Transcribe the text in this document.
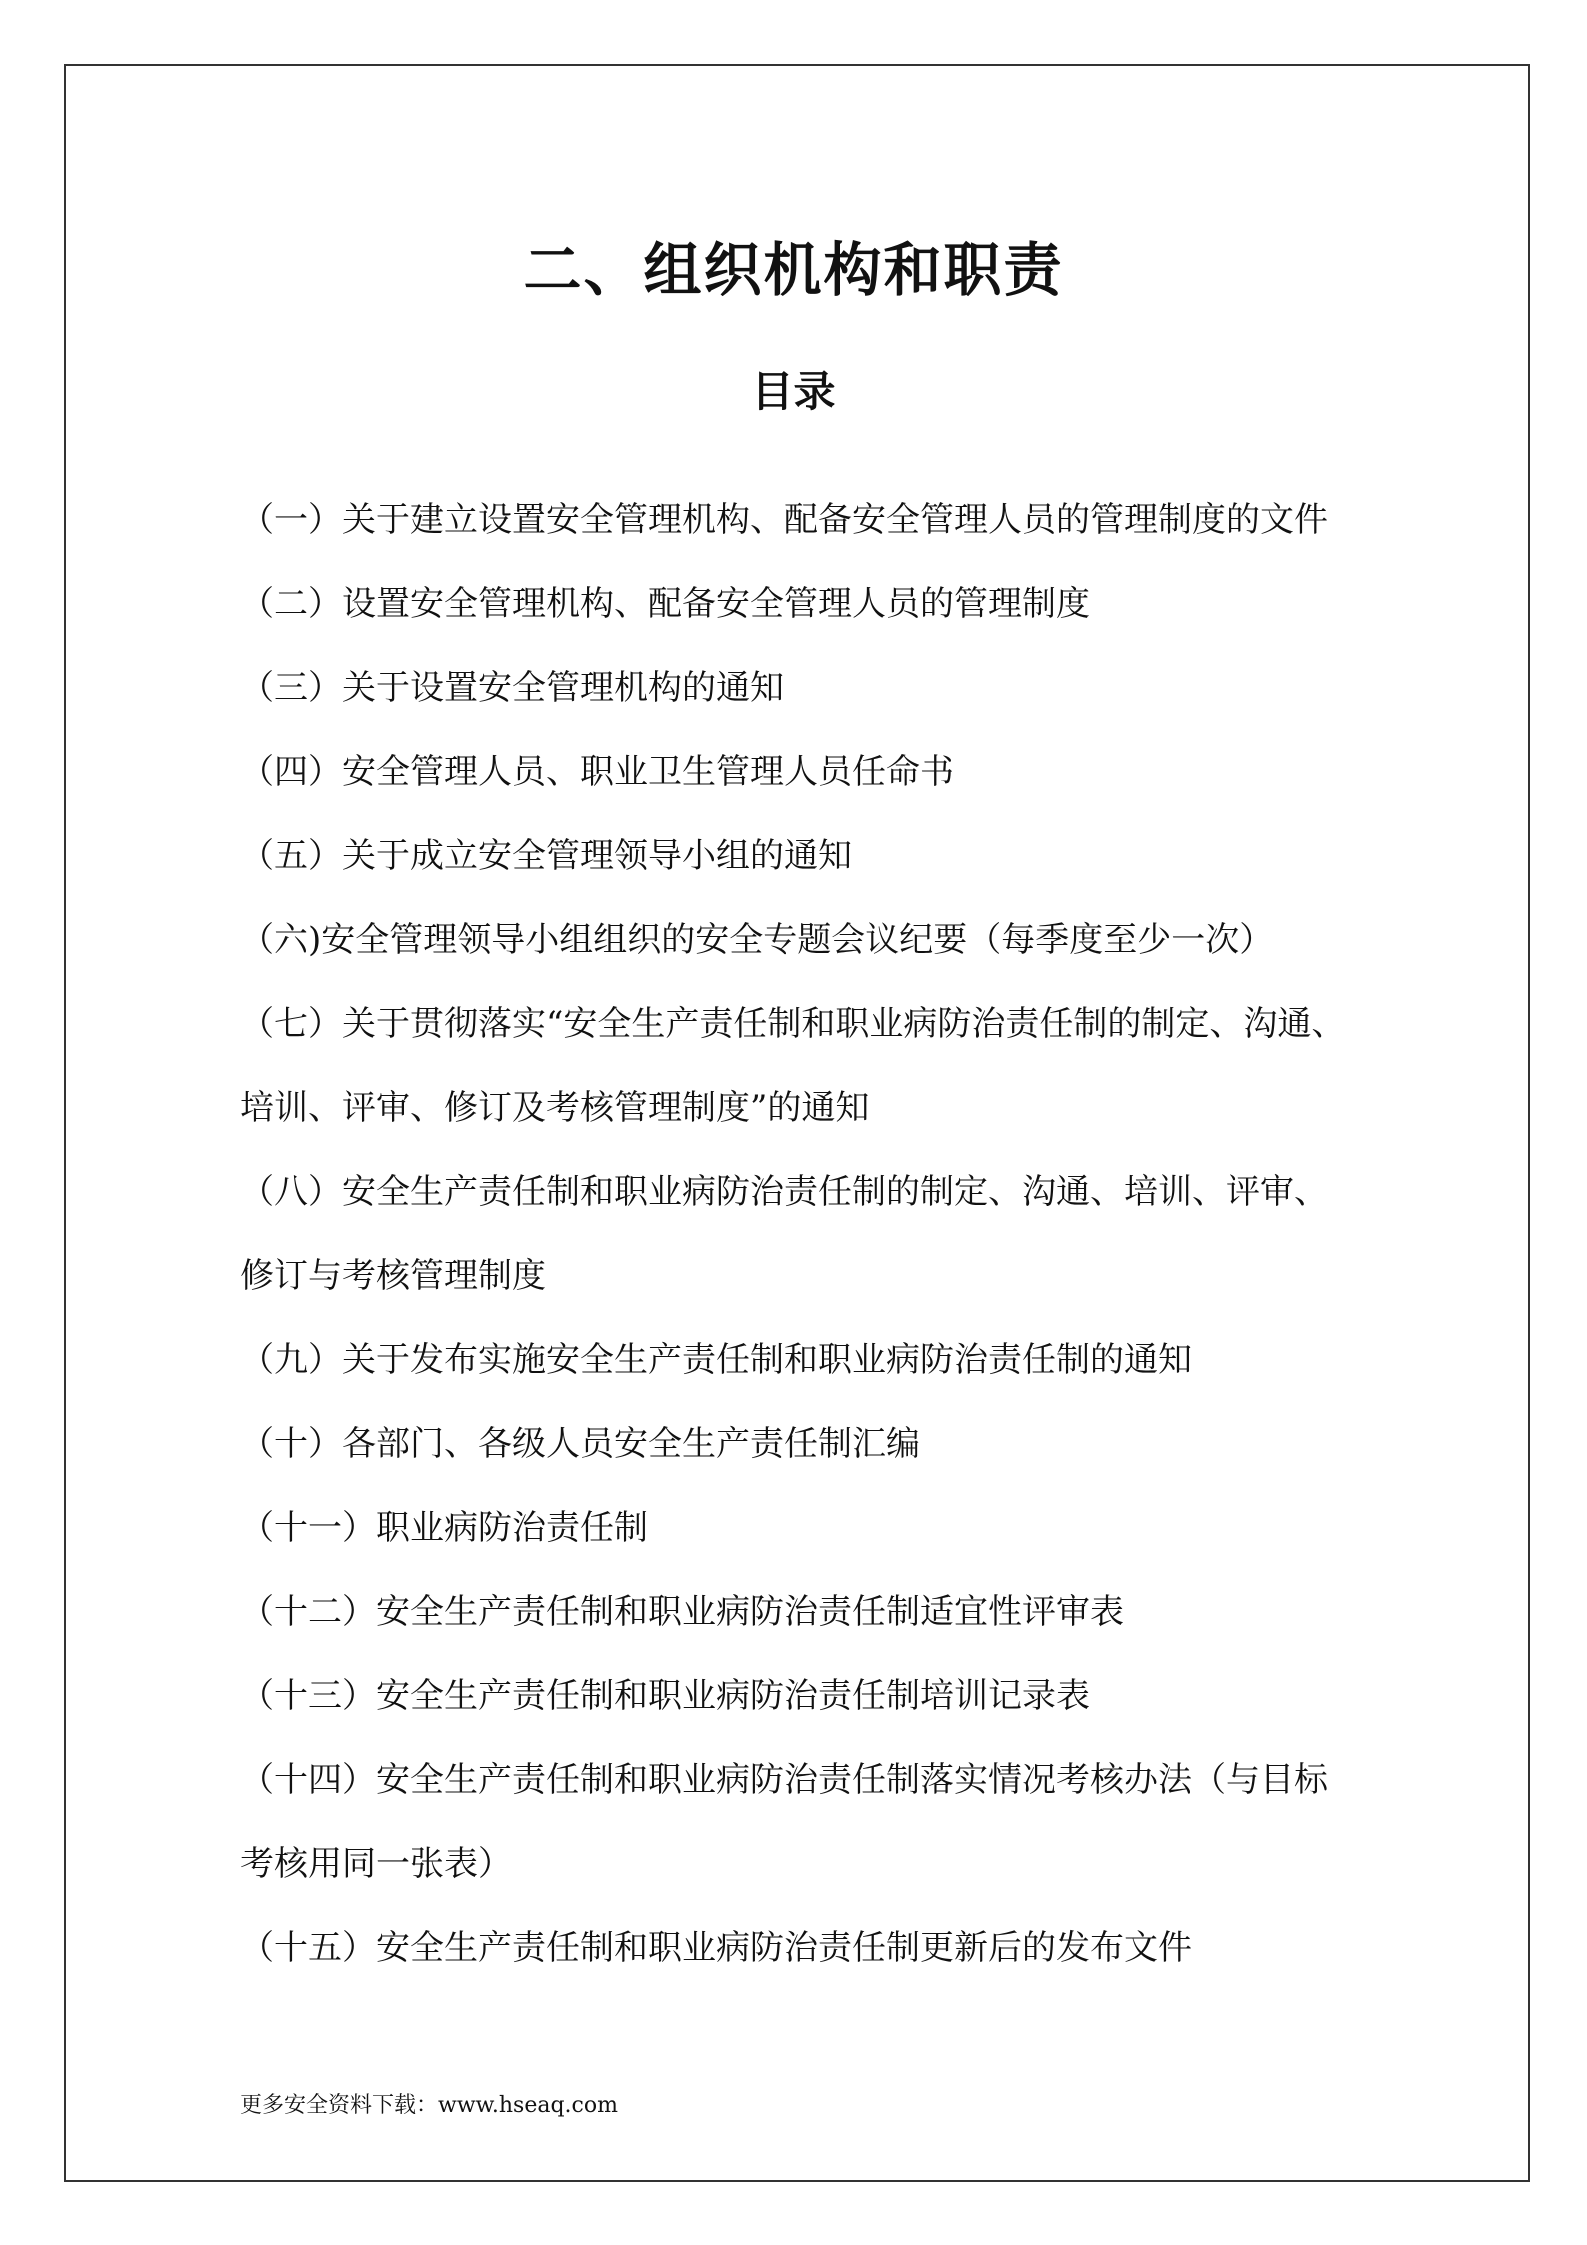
二、组织机构和职责
目录
（一）关于建立设置安全管理机构、配备安全管理人员的管理制度的文件
（二）设置安全管理机构、配备安全管理人员的管理制度
（三）关于设置安全管理机构的通知
（四）安全管理人员、职业卫生管理人员任命书
（五）关于成立安全管理领导小组的通知
（六)安全管理领导小组组织的安全专题会议纪要（每季度至少一次）
（七）关于贯彻落实“安全生产责任制和职业病防治责任制的制定、沟通、培训、评审、修订及考核管理制度”的通知
（八）安全生产责任制和职业病防治责任制的制定、沟通、培训、评审、修订与考核管理制度
（九）关于发布实施安全生产责任制和职业病防治责任制的通知
（十）各部门、各级人员安全生产责任制汇编
（十一）职业病防治责任制
（十二）安全生产责任制和职业病防治责任制适宜性评审表
（十三）安全生产责任制和职业病防治责任制培训记录表
（十四）安全生产责任制和职业病防治责任制落实情况考核办法（与目标考核用同一张表）
（十五）安全生产责任制和职业病防治责任制更新后的发布文件
更多安全资料下载：www.hseaq.com
